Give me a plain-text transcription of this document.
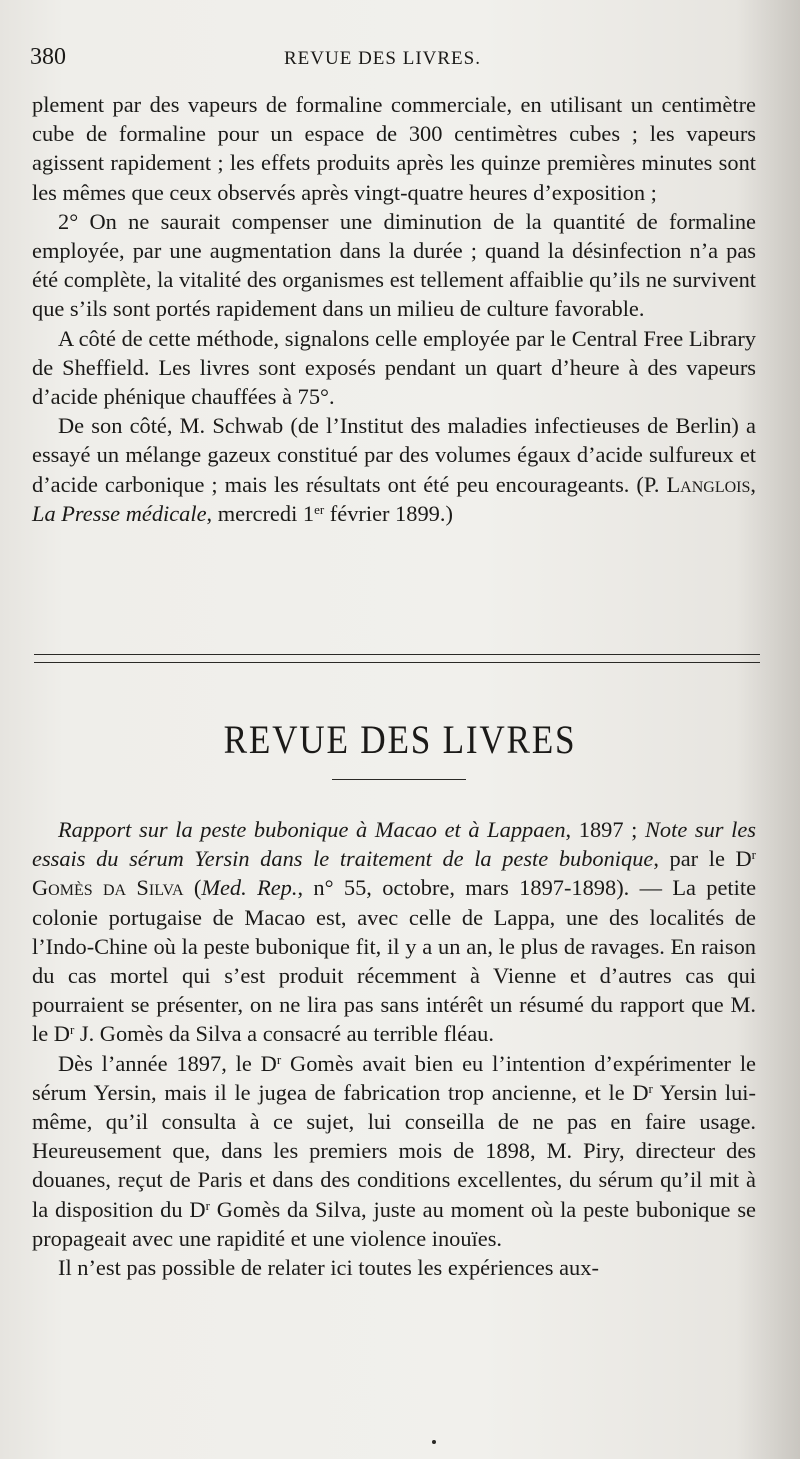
380	REVUE DES LIVRES.

plement par des vapeurs de formaline commerciale, en utilisant un centimètre cube de formaline pour un espace de 300 centimètres cubes ; les vapeurs agissent rapidement ; les effets produits après les quinze premières minutes sont les mêmes que ceux observés après vingt-quatre heures d’exposition ;

2° On ne saurait compenser une diminution de la quantité de formaline employée, par une augmentation dans la durée ; quand la désinfection n’a pas été complète, la vitalité des organismes est tellement affaiblie qu’ils ne survivent que s’ils sont portés rapidement dans un milieu de culture favorable.

A côté de cette méthode, signalons celle employée par le Central Free Library de Sheffield. Les livres sont exposés pendant un quart d’heure à des vapeurs d’acide phénique chauffées à 75°.

De son côté, M. Schwab (de l’Institut des maladies infectieuses de Berlin) a essayé un mélange gazeux constitué par des volumes égaux d’acide sulfureux et d’acide carbonique ; mais les résultats ont été peu encourageants. (P. Langlois, La Presse médicale, mercredi 1er février 1899.)

REVUE DES LIVRES

Rapport sur la peste bubonique à Macao et à Lappaen, 1897 ; Note sur les essais du sérum Yersin dans le traitement de la peste bubonique, par le $D^r$ Gomès da Silva (Med. Rep., n° 55, octobre, mars 1897-1898). — La petite colonie portugaise de Macao est, avec celle de Lappa, une des localités de l’Indo-Chine où la peste bubonique fit, il y a un an, le plus de ravages. En raison du cas mortel qui s’est produit récemment à Vienne et d’autres cas qui pourraient se présenter, on ne lira pas sans intérêt un résumé du rapport que M. le $D^r$ J. Gomès da Silva a consacré au terrible fléau.

Dès l’année 1897, le $D^r$ Gomès avait bien eu l’intention d’expérimenter le sérum Yersin, mais il le jugea de fabrication trop ancienne, et le $D^r$ Yersin lui-même, qu’il consulta à ce sujet, lui conseilla de ne pas en faire usage. Heureusement que, dans les premiers mois de 1898, M. Piry, directeur des douanes, reçut de Paris et dans des conditions excellentes, du sérum qu’il mit à la disposition du $D^r$ Gomès da Silva, juste au moment où la peste bubonique se propageait avec une rapidité et une violence inouïes.

Il n’est pas possible de relater ici toutes les expériences aux-
